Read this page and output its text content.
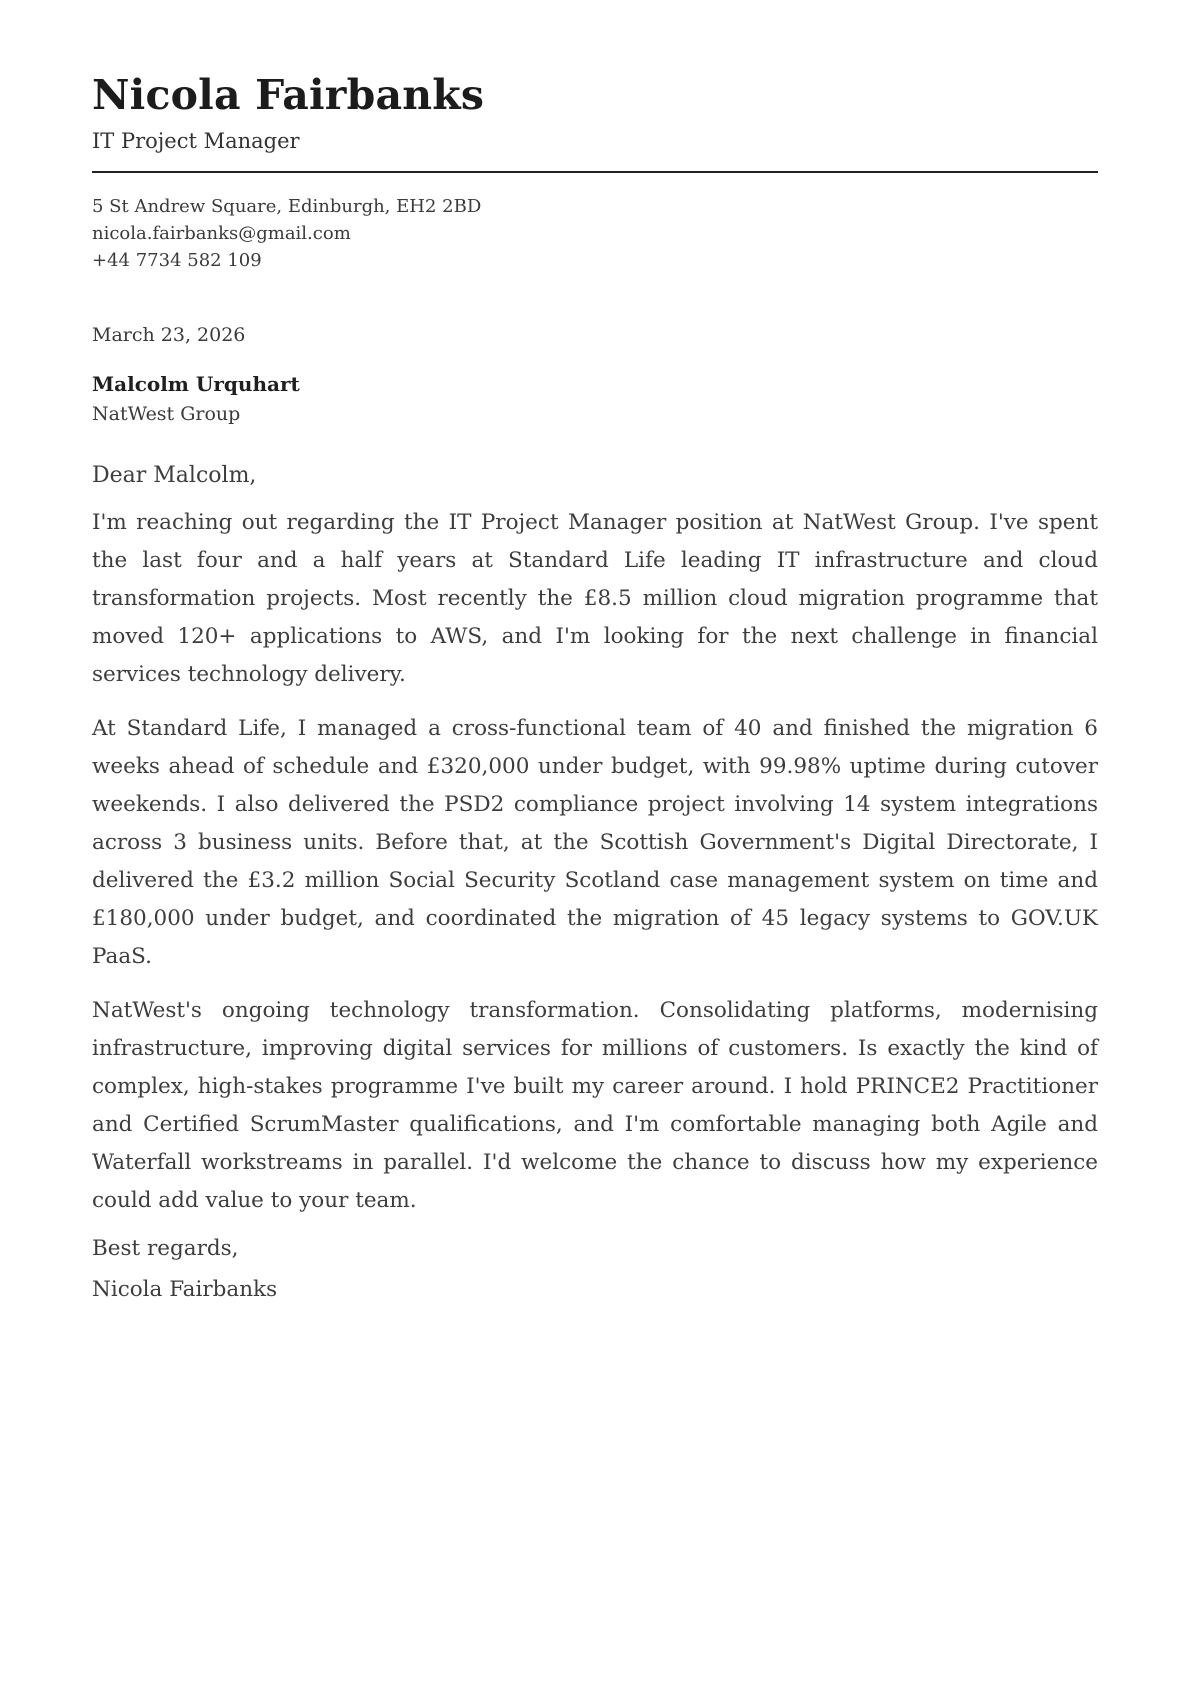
Nicola Fairbanks
IT Project Manager
5 St Andrew Square, Edinburgh, EH2 2BD
nicola.fairbanks@gmail.com
+44 7734 582 109
March 23, 2026
Malcolm Urquhart
NatWest Group

Dear Malcolm,

I'm reaching out regarding the IT Project Manager position at NatWest Group. I've spent the last four and a half years at Standard Life leading IT infrastructure and cloud transformation projects. Most recently the £8.5 million cloud migration programme that moved 120+ applications to AWS, and I'm looking for the next challenge in financial services technology delivery.

At Standard Life, I managed a cross-functional team of 40 and finished the migration 6 weeks ahead of schedule and £320,000 under budget, with 99.98% uptime during cutover weekends. I also delivered the PSD2 compliance project involving 14 system integrations across 3 business units. Before that, at the Scottish Government's Digital Directorate, I delivered the £3.2 million Social Security Scotland case management system on time and £180,000 under budget, and coordinated the migration of 45 legacy systems to GOV.UK PaaS.

NatWest's ongoing technology transformation. Consolidating platforms, modernising infrastructure, improving digital services for millions of customers. Is exactly the kind of complex, high-stakes programme I've built my career around. I hold PRINCE2 Practitioner and Certified ScrumMaster qualifications, and I'm comfortable managing both Agile and Waterfall workstreams in parallel. I'd welcome the chance to discuss how my experience could add value to your team.

Best regards,

Nicola Fairbanks
